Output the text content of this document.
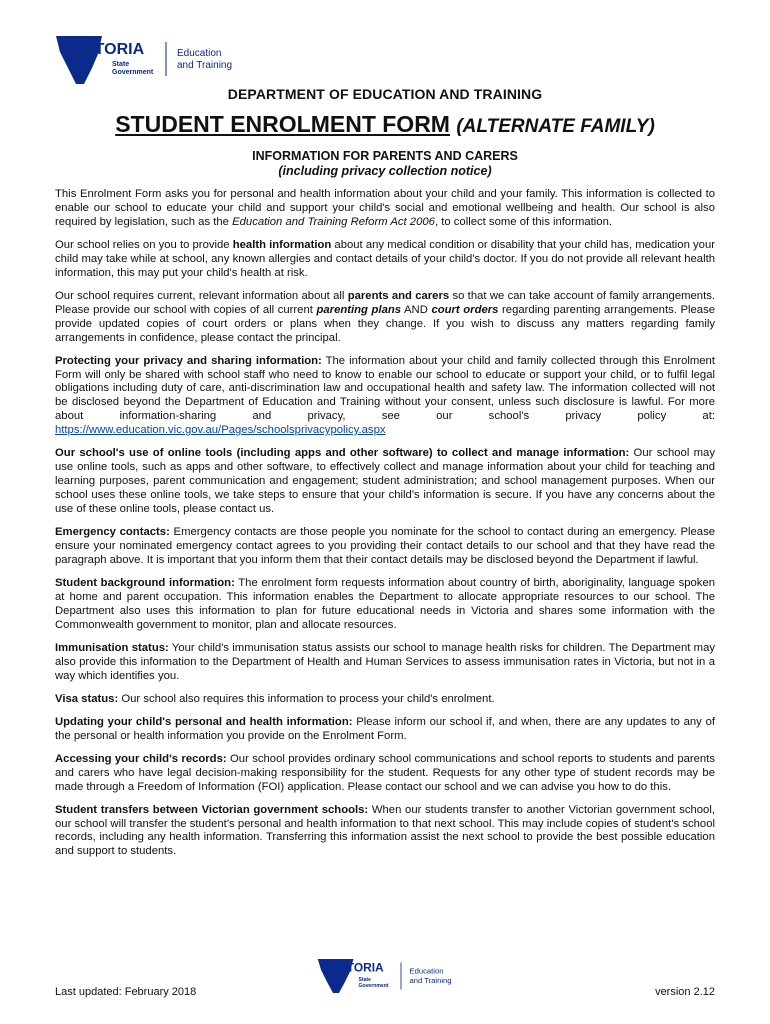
VICTORIA
State
Government
Education
and Training
DEPARTMENT OF EDUCATION AND TRAINING
STUDENT ENROLMENT FORM (ALTERNATE FAMILY)
INFORMATION FOR PARENTS AND CARERS
(including privacy collection notice)

This Enrolment Form asks you for personal and health information about your child and your family. This information is collected to enable our school to educate your child and support your child's social and emotional wellbeing and health. Our school is also required by legislation, such as the Education and Training Reform Act 2006, to collect some of this information.

Our school relies on you to provide health information about any medical condition or disability that your child has, medication your child may take while at school, any known allergies and contact details of your child's doctor. If you do not provide all relevant health information, this may put your child's health at risk.

Our school requires current, relevant information about all parents and carers so that we can take account of family arrangements. Please provide our school with copies of all current parenting plans AND court orders regarding parenting arrangements. Please provide updated copies of court orders or plans when they change. If you wish to discuss any matters regarding family arrangements in confidence, please contact the principal.

Protecting your privacy and sharing information: The information about your child and family collected through this Enrolment Form will only be shared with school staff who need to know to enable our school to educate or support your child, or to fulfil legal obligations including duty of care, anti-discrimination law and occupational health and safety law. The information collected will not be disclosed beyond the Department of Education and Training without your consent, unless such disclosure is lawful. For more about information-sharing and privacy, see our school's privacy policy at: https://www.education.vic.gov.au/Pages/schoolsprivacypolicy.aspx

Our school's use of online tools (including apps and other software) to collect and manage information: Our school may use online tools, such as apps and other software, to effectively collect and manage information about your child for teaching and learning purposes, parent communication and engagement; student administration; and school management purposes. When our school uses these online tools, we take steps to ensure that your child's information is secure. If you have any concerns about the use of these online tools, please contact us.

Emergency contacts: Emergency contacts are those people you nominate for the school to contact during an emergency. Please ensure your nominated emergency contact agrees to you providing their contact details to our school and that they have read the paragraph above. It is important that you inform them that their contact details may be disclosed beyond the Department if lawful.

Student background information: The enrolment form requests information about country of birth, aboriginality, language spoken at home and parent occupation. This information enables the Department to allocate appropriate resources to our school. The Department also uses this information to plan for future educational needs in Victoria and shares some information with the Commonwealth government to monitor, plan and allocate resources.

Immunisation status: Your child's immunisation status assists our school to manage health risks for children. The Department may also provide this information to the Department of Health and Human Services to assess immunisation rates in Victoria, but not in a way which identifies you.

Visa status: Our school also requires this information to process your child's enrolment.

Updating your child's personal and health information: Please inform our school if, and when, there are any updates to any of the personal or health information you provide on the Enrolment Form.

Accessing your child's records: Our school provides ordinary school communications and school reports to students and parents and carers who have legal decision-making responsibility for the student. Requests for any other type of student records may be made through a Freedom of Information (FOI) application. Please contact our school and we can advise you how to do this.

Student transfers between Victorian government schools: When our students transfer to another Victorian government school, our school will transfer the student's personal and health information to that next school. This may include copies of student's school records, including any health information. Transferring this information assist the next school to provide the best possible education and support to students.

VICTORIA
State
Government
Education
and Training
Last updated: February 2018	version 2.12
